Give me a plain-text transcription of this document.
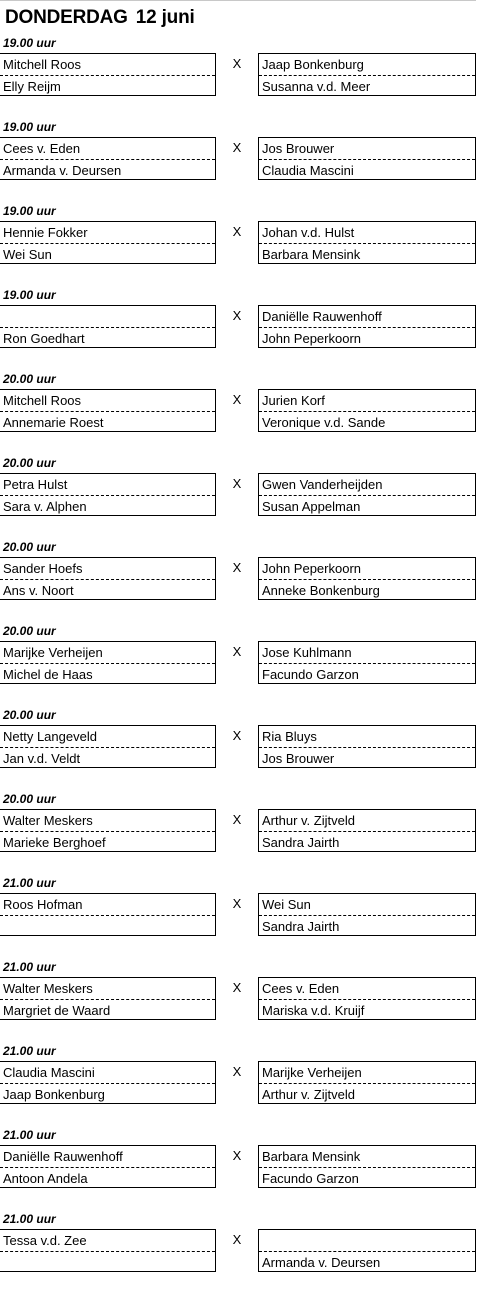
DONDERDAG 12 juni
19.00 uur
Mitchell Roos
Elly Reijm
Jaap Bonkenburg
Susanna v.d. Meer
X
19.00 uur
Cees v. Eden
Armanda v. Deursen
Jos Brouwer
Claudia Mascini
X
19.00 uur
Hennie Fokker
Wei Sun
Johan v.d. Hulst
Barbara Mensink
X
19.00 uur
Ron Goedhart
Daniëlle Rauwenhoff
John Peperkoorn
X
20.00 uur
Mitchell Roos
Annemarie Roest
Jurien Korf
Veronique v.d. Sande
X
20.00 uur
Petra Hulst
Sara v. Alphen
Gwen Vanderheijden
Susan Appelman
X
20.00 uur
Sander Hoefs
Ans v. Noort
John Peperkoorn
Anneke Bonkenburg
X
20.00 uur
Marijke Verheijen
Michel de Haas
Jose Kuhlmann
Facundo Garzon
X
20.00 uur
Netty Langeveld
Jan v.d. Veldt
Ria Bluys
Jos Brouwer
X
20.00 uur
Walter Meskers
Marieke Berghoef
Arthur v. Zijtveld
Sandra Jairth
X
21.00 uur
Roos Hofman	Wei Sun
Sandra Jairth
X
21.00 uur
Walter Meskers
Margriet de Waard
Cees v. Eden
Mariska v.d. Kruijf
X
21.00 uur
Claudia Mascini
Jaap Bonkenburg
Marijke Verheijen
Arthur v. Zijtveld
X
21.00 uur
Daniëlle Rauwenhoff
Antoon Andela
Barbara Mensink
Facundo Garzon
X
21.00 uur
Tessa v.d. Zee
Armanda v. Deursen
X
